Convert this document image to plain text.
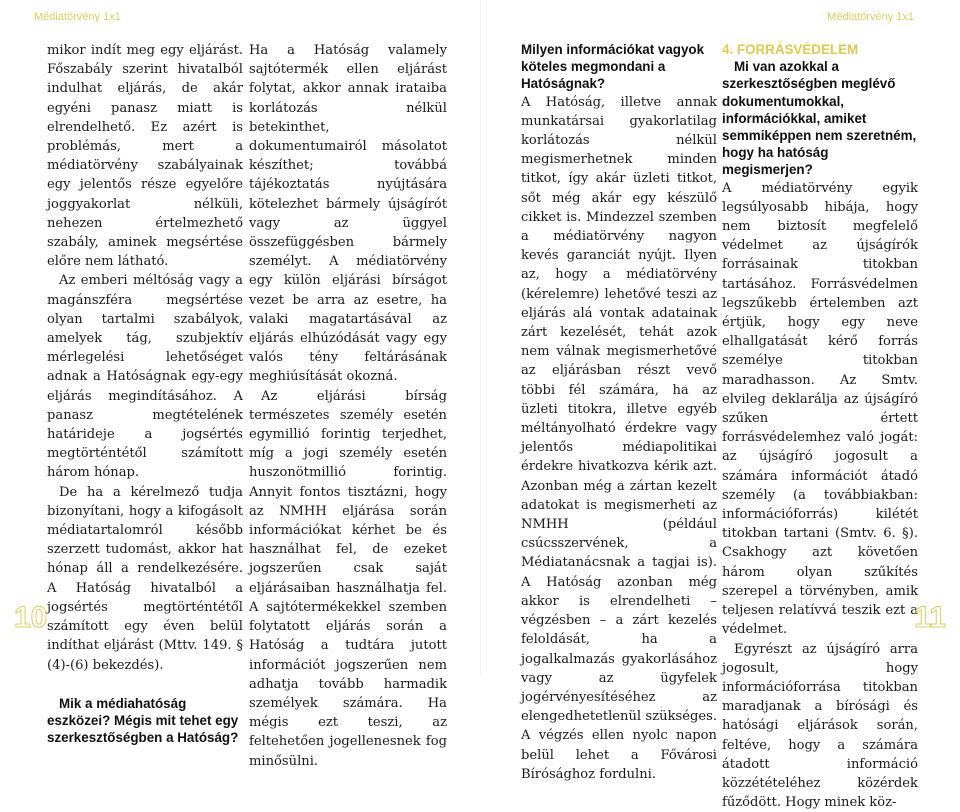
Médiatörvény 1x1	Médiatörvény 1x1

mikor indít meg egy eljárást. Főszabály szerint hivatalból indulhat eljárás, de akár egyéni panasz miatt is elrendelhető. Ez azért is problémás, mert a médiatörvény szabályainak egy jelentős része egyelőre joggyakorlat nélküli, nehezen értelmezhető szabály, aminek megsértése előre nem látható.

Az emberi méltóság vagy a magánszférа megsértése olyan tartalmi szabályok, amelyek tág, szubjektív mérlegelési lehetőséget adnak a Hatóságnak egy-egy eljárás megindításához. A panasz megtételének határideje a jogsértés megtörténtétől számított három hónap.

De ha a kérelmező tudja bizonyítani, hogy a kifogásolt médiatartalomról később szerzett tudomást, akkor hat hónap áll a rendelkezésére. A Hatóság hivatalból a jogsértés megtörténtétől számított egy éven belül indíthat eljárást (Mttv. 149. § (4)-(6) bekezdés).

Mik a médiahatóság eszközei? Mégis mit tehet egy szerkesztőségben a Hatóság?

Ha a Hatóság valamely sajtótermék ellen eljárást folytat, akkor annak irataiba korlátozás nélkül betekinthet, dokumentumairól másolatot készíthet; továbbá tájékoztatás nyújtására kötelezhet bármely újságírót vagy az üggyel összefüggésben bármely személyt. A médiatörvény egy külön eljárási bírságot vezet be arra az esetre, ha valaki magatartásával az eljárás elhúzódását vagy egy valós tény feltárásának meghiúsítását okozná.

Az eljárási bírság természetes személy esetén egymillió forintig terjedhet, míg a jogi személy esetén huszonötmillió forintig. Annyit fontos tisztázni, hogy az NMHH eljárása során információkat kérhet be és használhat fel, de ezeket jogszerűen csak saját eljárásaiban használhatja fel. A sajtótermékekkel szemben folytatott eljárás során a Hatóság a tudtára jutott információt jogszerűen nem adhatja tovább harmadik személyek számára. Ha mégis ezt teszi, az feltehetően jogellenesnek fog minősülni.

Milyen információkat vagyok köteles megmondani a Hatóságnak?

A Hatóság, illetve annak munkatársai gyakorlatilag korlátozás nélkül megismerhetnek minden titkot, így akár üzleti titkot, sőt még akár egy készülő cikket is. Mindezzel szemben a médiatörvény nagyon kevés garanciát nyújt. Ilyen az, hogy a médiatörvény (kérelemre) lehetővé teszi az eljárás alá vontak adatainak zárt kezelését, tehát azok nem válnak megismerhetővé az eljárásban részt vevő többi fél számára, ha az üzleti titokra, illetve egyéb méltányolható érdekre vagy jelentős médiapolitikai érdekre hivatkozva kérik azt. Azonban még a zártan kezelt adatokat is megismerheti az NMHH (például csúcsszervének, a Médiatanácsnak a tagjai is). A Hatóság azonban még akkor is elrendelheti – végzésben – a zárt kezelés feloldását, ha a jogalkalmazás gyakorlásához vagy az ügyfelek jogérvényesítéséhez az elengedhetetlenül szükséges. A végzés ellen nyolc napon belül lehet a Fővárosi Bírósághoz fordulni.

4. FORRÁSVÉDELEM

Mi van azokkal a szerkesztőségben meglévő dokumentumokkal, információkkal, amiket semmiképpen nem szeretném, hogy ha hatóság megismerjen?

A médiatörvény egyik legsúlyosabb hibája, hogy nem biztosít megfelelő védelmet az újságírók forrásainak titokban tartásához. Forrásvédelmen legszűkebb értelemben azt értjük, hogy egy neve elhallgatását kérő forrás személye titokban maradhasson. Az Smtv. elvileg deklarálja az újságíró szűken értett forrásvédelemhez való jogát: az újságíró jogosult a számára információt átadó személy (a továbbiakban: információforrás) kilétét titokban tartani (Smtv. 6. §). Csakhogy azt követően három olyan szűkítés szerepel a törvényben, amik teljesen relatívvá teszik ezt a védelmet.

Egyrészt az újságíró arra jogosult, hogy információforrása titokban maradjanak a bírósági és hatósági eljárások során, feltéve, hogy a számára átadott információ közzétételéhez közérdek fűződött. Hogy minek köz-

10	11
